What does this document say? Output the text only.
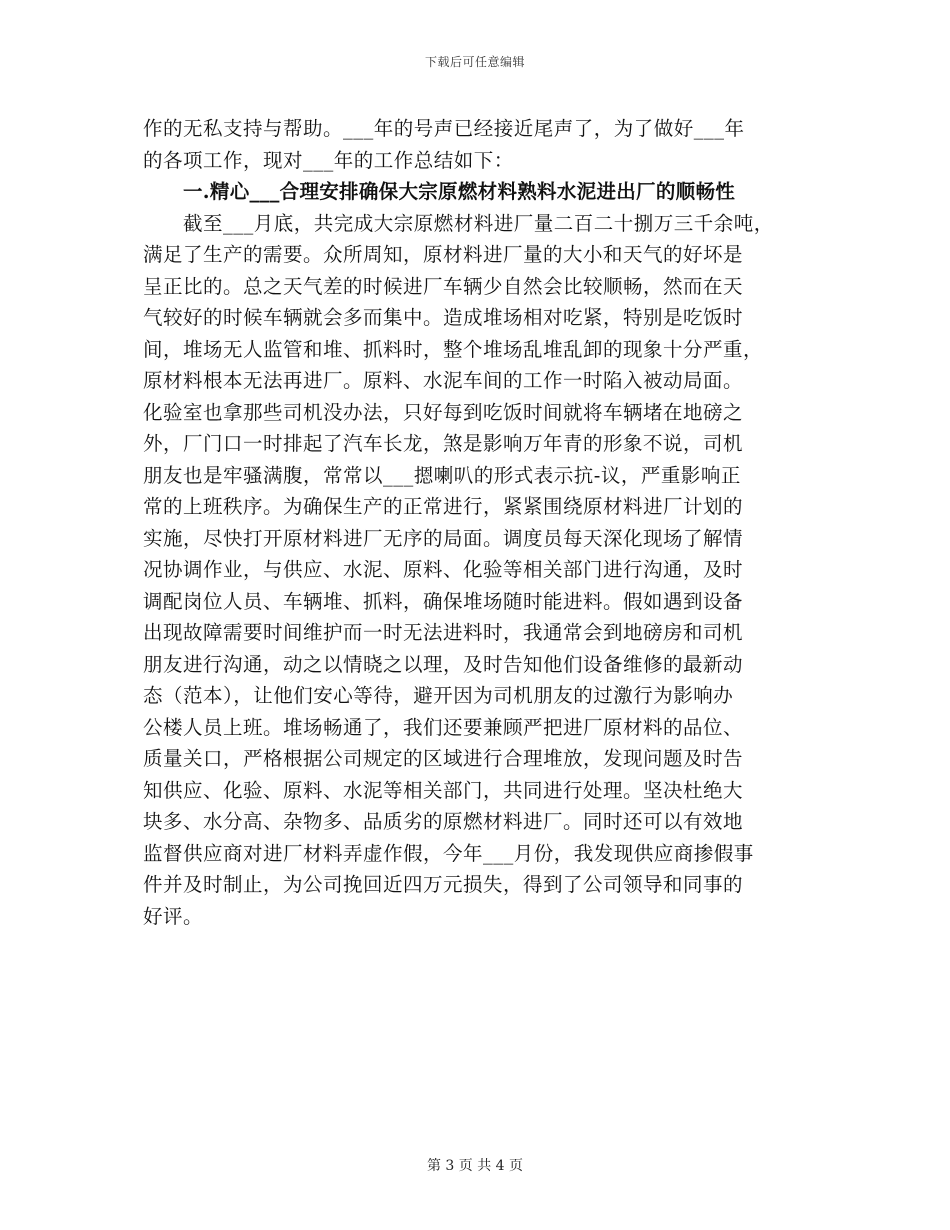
下载后可任意编辑
作的无私支持与帮助。___年的号声已经接近尾声了，为了做好___年
的各项工作，现对___年的工作总结如下：
一.精心___合理安排确保大宗原燃材料熟料水泥进出厂的顺畅性
　　截至___月底，共完成大宗原燃材料进厂量二百二十捌万三千余吨，
满足了生产的需要。众所周知，原材料进厂量的大小和天气的好坏是
呈正比的。总之天气差的时候进厂车辆少自然会比较顺畅，然而在天
气较好的时候车辆就会多而集中。造成堆场相对吃紧，特别是吃饭时
间，堆场无人监管和堆、抓料时，整个堆场乱堆乱卸的现象十分严重，
原材料根本无法再进厂。原料、水泥车间的工作一时陷入被动局面。
化验室也拿那些司机没办法，只好每到吃饭时间就将车辆堵在地磅之
外，厂门口一时排起了汽车长龙，煞是影响万年青的形象不说，司机
朋友也是牢骚满腹，常常以___摁喇叭的形式表示抗-议，严重影响正
常的上班秩序。为确保生产的正常进行，紧紧围绕原材料进厂计划的
实施，尽快打开原材料进厂无序的局面。调度员每天深化现场了解情
况协调作业，与供应、水泥、原料、化验等相关部门进行沟通，及时
调配岗位人员、车辆堆、抓料，确保堆场随时能进料。假如遇到设备
出现故障需要时间维护而一时无法进料时，我通常会到地磅房和司机
朋友进行沟通，动之以情晓之以理，及时告知他们设备维修的最新动
态（范本），让他们安心等待，避开因为司机朋友的过激行为影响办
公楼人员上班。堆场畅通了，我们还要兼顾严把进厂原材料的品位、
质量关口，严格根据公司规定的区域进行合理堆放，发现问题及时告
知供应、化验、原料、水泥等相关部门，共同进行处理。坚决杜绝大
块多、水分高、杂物多、品质劣的原燃材料进厂。同时还可以有效地
监督供应商对进厂材料弄虚作假，今年___月份，我发现供应商掺假事
件并及时制止，为公司挽回近四万元损失，得到了公司领导和同事的
好评。
第 3 页 共 4 页
